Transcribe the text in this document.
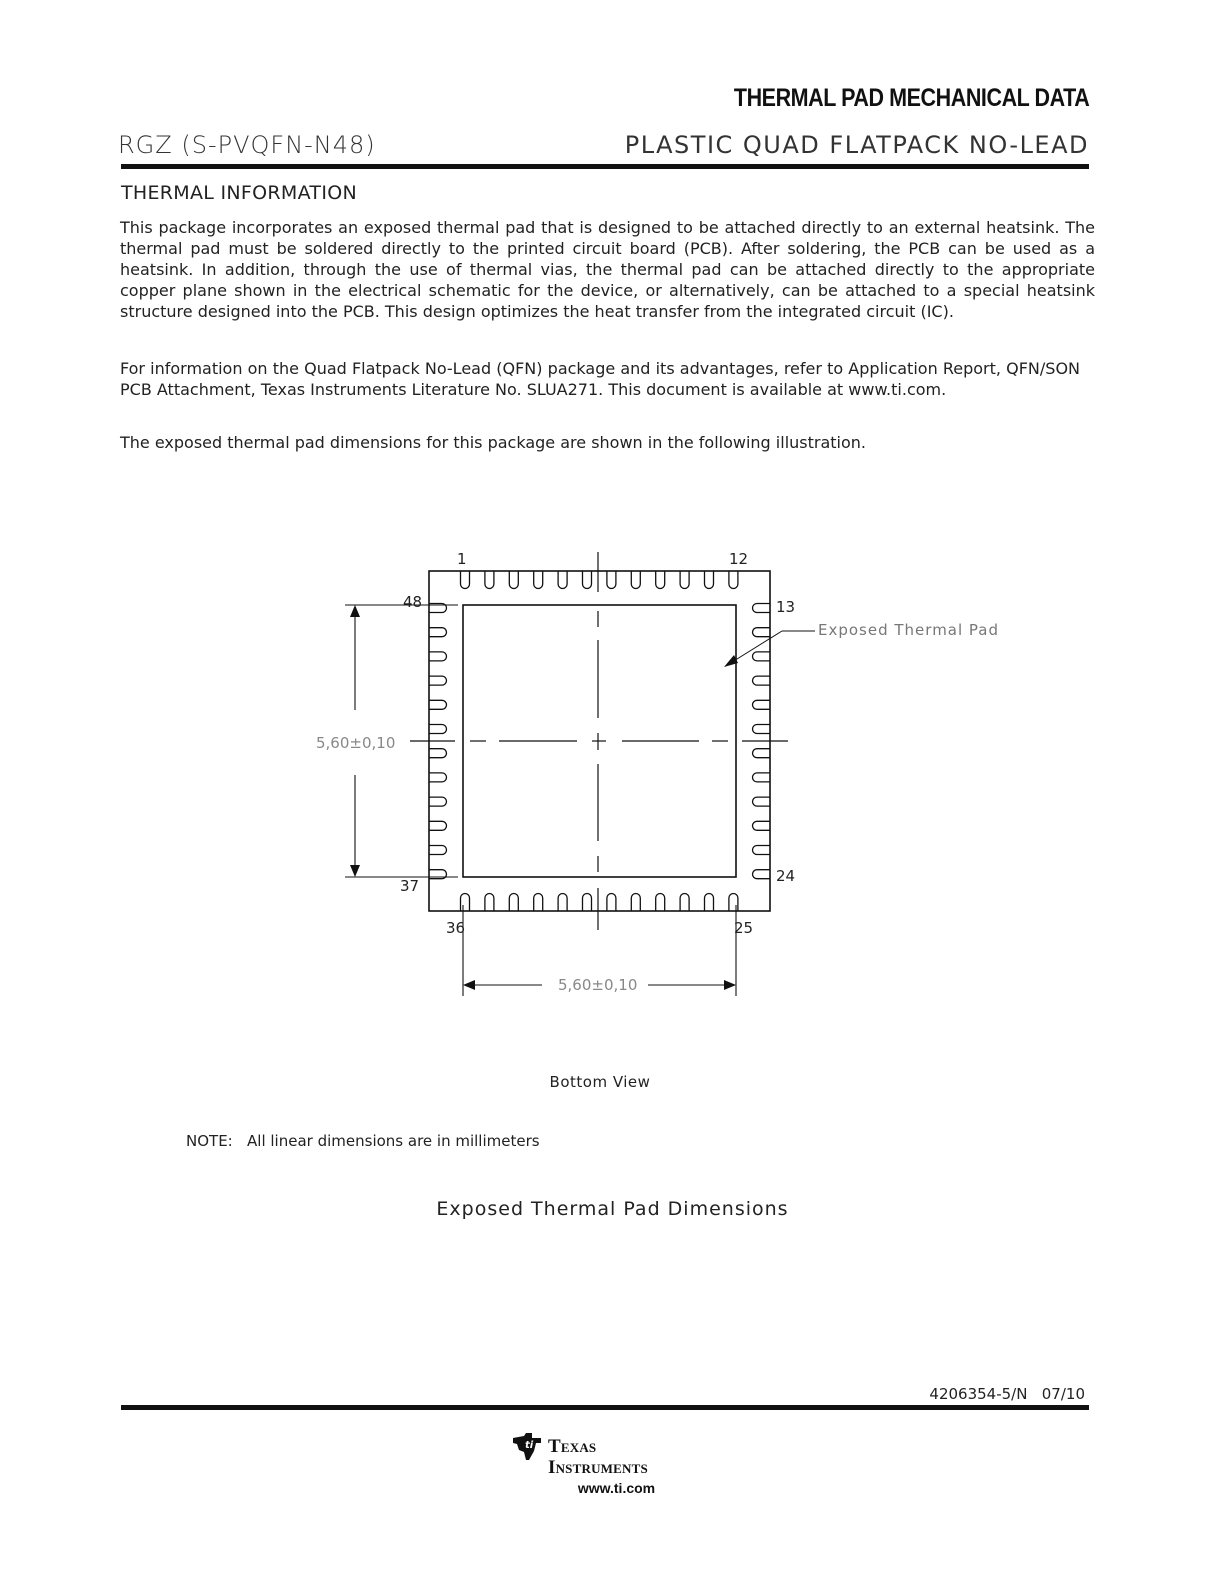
THERMAL PAD MECHANICAL DATA
RGZ (S-PVQFN-N48)	PLASTIC QUAD FLATPACK NO-LEAD
THERMAL INFORMATION
This package incorporates an exposed thermal pad that is designed to be attached directly to an external heatsink. The thermal pad must be soldered directly to the printed circuit board (PCB). After soldering, the PCB can be used as a heatsink. In addition, through the use of thermal vias, the thermal pad can be attached directly to the appropriate copper plane shown in the electrical schematic for the device, or alternatively, can be attached to a special heatsink structure designed into the PCB. This design optimizes the heat transfer from the integrated circuit (IC).
For information on the Quad Flatpack No-Lead (QFN) package and its advantages, refer to Application Report, QFN/SON PCB Attachment, Texas Instruments Literature No. SLUA271. This document is available at www.ti.com.
The exposed thermal pad dimensions for this package are shown in the following illustration.
1	12
13
24
25
36
37
48
Exposed Thermal Pad
5,60±0,10
5,60±0,10
Bottom View
NOTE:   All linear dimensions are in millimeters
Exposed Thermal Pad Dimensions
4206354-5/N   07/10
ti Texas
Instruments
www.ti.com
